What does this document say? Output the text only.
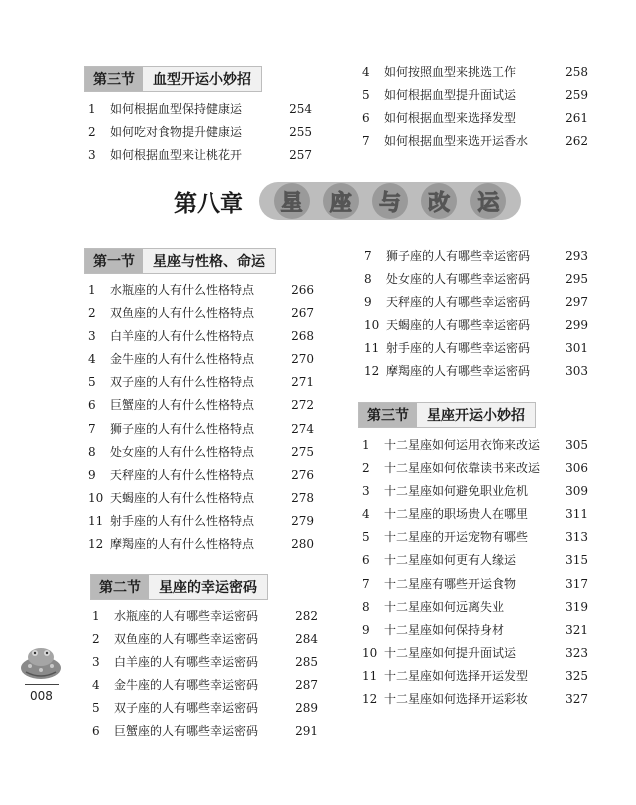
第三节	血型开运小妙招
1	如何根据血型保持健康运	254
2	如何吃对食物提升健康运	255
3	如何根据血型来让桃花开	257
4	如何按照血型来挑选工作	258
5	如何根据血型提升面试运	259
6	如何根据血型来选择发型	261
7	如何根据血型来选开运香水	262
第八章	星	座	与	改	运
第一节	星座与性格、命运
1	水瓶座的人有什么性格特点	266
2	双鱼座的人有什么性格特点	267
3	白羊座的人有什么性格特点	268
4	金牛座的人有什么性格特点	270
5	双子座的人有什么性格特点	271
6	巨蟹座的人有什么性格特点	272
7	狮子座的人有什么性格特点	274
8	处女座的人有什么性格特点	275
9	天秤座的人有什么性格特点	276
10 天蝎座的人有什么性格特点	278
11 射手座的人有什么性格特点	279
12 摩羯座的人有什么性格特点	280
第二节	星座的幸运密码
1	水瓶座的人有哪些幸运密码	282
2	双鱼座的人有哪些幸运密码	284
3	白羊座的人有哪些幸运密码	285
4	金牛座的人有哪些幸运密码	287
5	双子座的人有哪些幸运密码	289
6	巨蟹座的人有哪些幸运密码	291
7	狮子座的人有哪些幸运密码	293
8	处女座的人有哪些幸运密码	295
9	天秤座的人有哪些幸运密码	297
10 天蝎座的人有哪些幸运密码	299
11 射手座的人有哪些幸运密码	301
12 摩羯座的人有哪些幸运密码	303
第三节	星座开运小妙招
1	十二星座如何运用衣饰来改运	305
2	十二星座如何依靠读书来改运	306
3	十二星座如何避免职业危机	309
4	十二星座的职场贵人在哪里	311
5	十二星座的开运宠物有哪些	313
6	十二星座如何更有人缘运	315
7	十二星座有哪些开运食物	317
8	十二星座如何远离失业	319
9	十二星座如何保持身材	321
10 十二星座如何提升面试运	323
11 十二星座如何选择开运发型	325
12 十二星座如何选择开运彩妆	327
008
